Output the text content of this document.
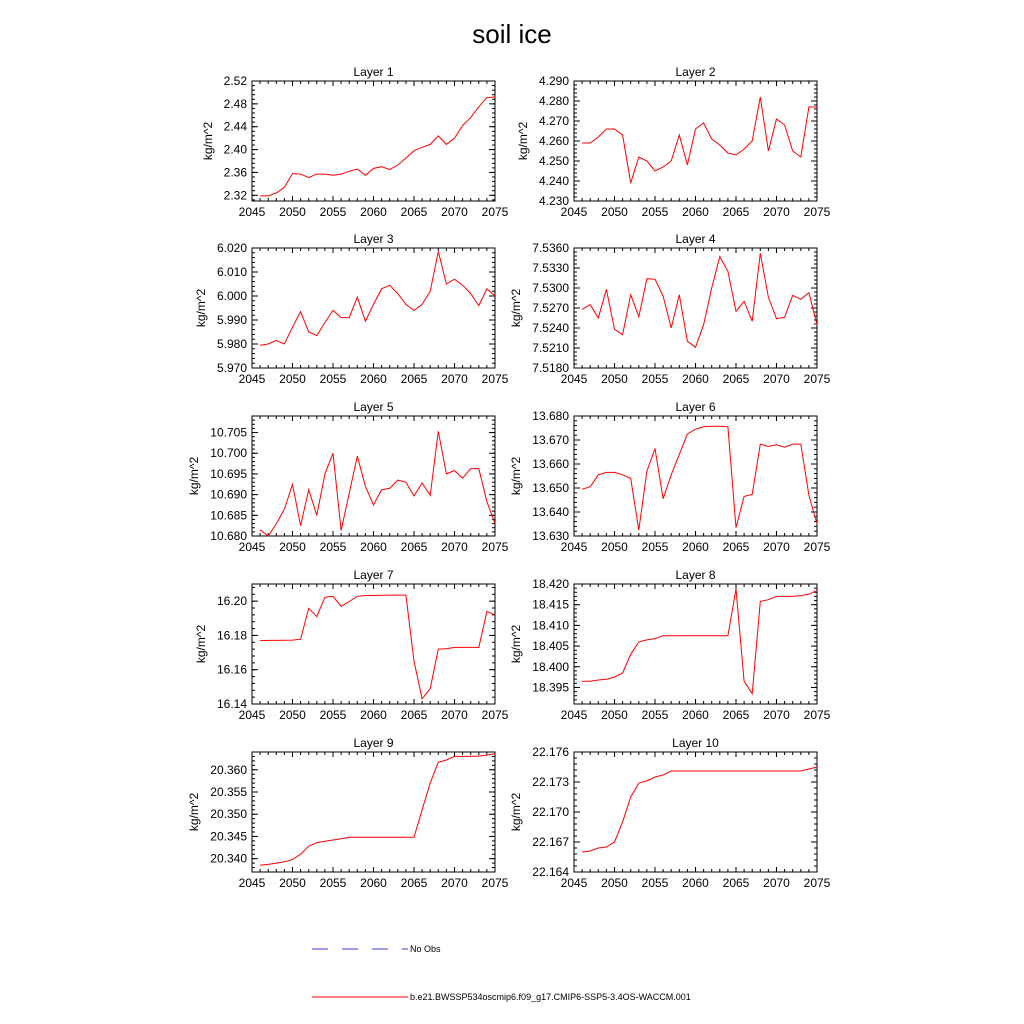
soil ice
Layer 1
2045 2050 2055 2060 2065 2070 2075
2.32
2.36
2.40
2.44
2.48
2.52
kg/m^2
Layer 2
2045 2050 2055 2060 2065 2070 2075
4.230
4.240
4.250
4.260
4.270
4.280
4.290
kg/m^2
Layer 3
2045 2050 2055 2060 2065 2070 2075
5.970
5.980
5.990
6.000
6.010
6.020
kg/m^2
Layer 4
2045 2050 2055 2060 2065 2070 2075
7.5180
7.5210
7.5240
7.5270
7.5300
7.5330
7.5360
kg/m^2
Layer 5
2045 2050 2055 2060 2065 2070 2075
10.680
10.685
10.690
10.695
10.700
10.705
kg/m^2
Layer 6
2045 2050 2055 2060 2065 2070 2075
13.630
13.640
13.650
13.660
13.670
13.680
kg/m^2
Layer 7
2045 2050 2055 2060 2065 2070 2075
16.14
16.16
16.18
16.20
kg/m^2
Layer 8
2045 2050 2055 2060 2065 2070 2075
18.395
18.400
18.405
18.410
18.415
18.420
kg/m^2
Layer 9
2045 2050 2055 2060 2065 2070 2075
20.340
20.345
20.350
20.355
20.360
kg/m^2
Layer 10
2045 2050 2055 2060 2065 2070 2075
22.164
22.167
22.170
22.173
22.176
kg/m^2
No Obs
b.e21.BWSSP534oscmip6.f09_g17.CMIP6-SSP5-3.4OS-WACCM.001
